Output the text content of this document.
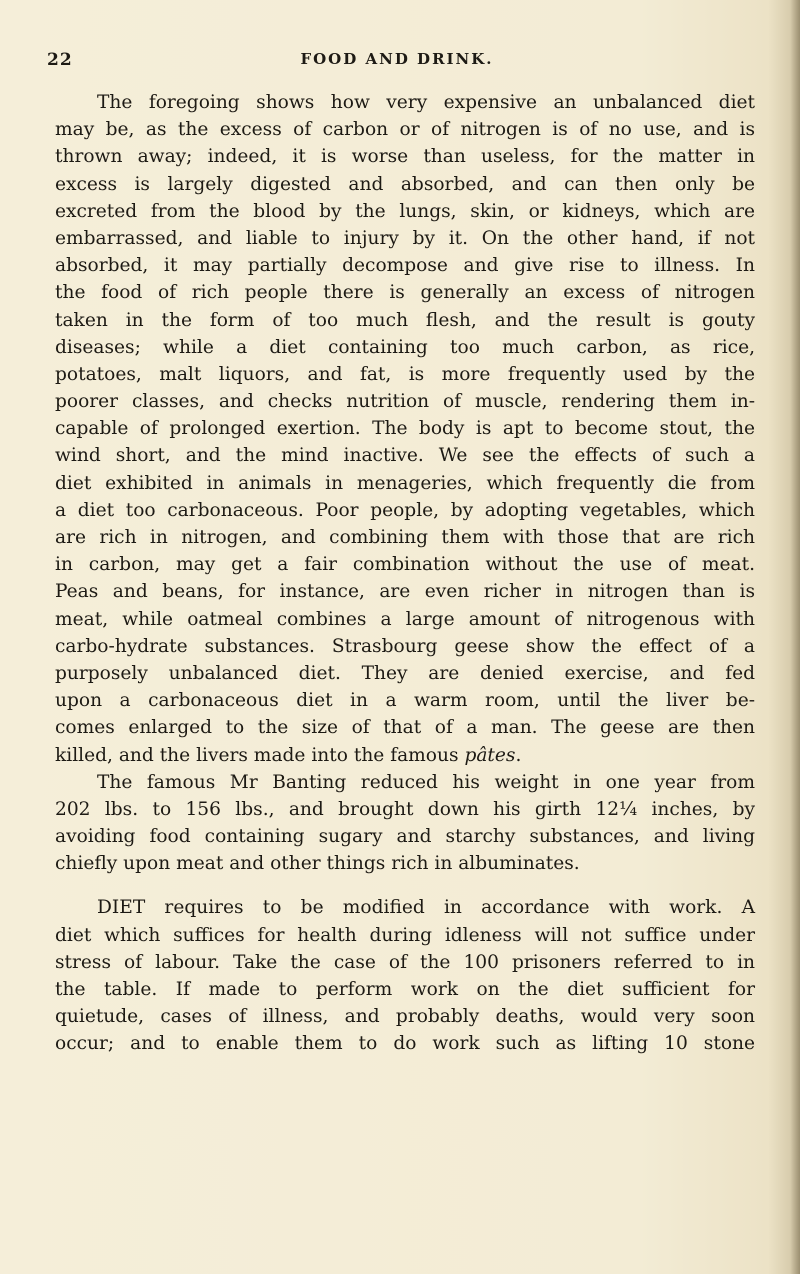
22	FOOD AND DRINK.
The foregoing shows how very expensive an unbalanced diet
may be, as the excess of carbon or of nitrogen is of no use, and is
thrown away; indeed, it is worse than useless, for the matter in
excess is largely digested and absorbed, and can then only be
excreted from the blood by the lungs, skin, or kidneys, which are
embarrassed, and liable to injury by it. On the other hand, if not
absorbed, it may partially decompose and give rise to illness. In
the food of rich people there is generally an excess of nitrogen
taken in the form of too much flesh, and the result is gouty
diseases; while a diet containing too much carbon, as rice,
potatoes, malt liquors, and fat, is more frequently used by the
poorer classes, and checks nutrition of muscle, rendering them in-
capable of prolonged exertion. The body is apt to become stout, the
wind short, and the mind inactive. We see the effects of such a
diet exhibited in animals in menageries, which frequently die from
a diet too carbonaceous. Poor people, by adopting vegetables, which
are rich in nitrogen, and combining them with those that are rich
in carbon, may get a fair combination without the use of meat.
Peas and beans, for instance, are even richer in nitrogen than is
meat, while oatmeal combines a large amount of nitrogenous with
carbo-hydrate substances. Strasbourg geese show the effect of a
purposely unbalanced diet. They are denied exercise, and fed
upon a carbonaceous diet in a warm room, until the liver be-
comes enlarged to the size of that of a man. The geese are then
killed, and the livers made into the famous pâtes.
The famous Mr Banting reduced his weight in one year from
202 lbs. to 156 lbs., and brought down his girth 12¼ inches, by
avoiding food containing sugary and starchy substances, and living
chiefly upon meat and other things rich in albuminates.
DIET requires to be modified in accordance with work. A
diet which suffices for health during idleness will not suffice under
stress of labour. Take the case of the 100 prisoners referred to in
the table. If made to perform work on the diet sufficient for
quietude, cases of illness, and probably deaths, would very soon
occur; and to enable them to do work such as lifting 10 stone
